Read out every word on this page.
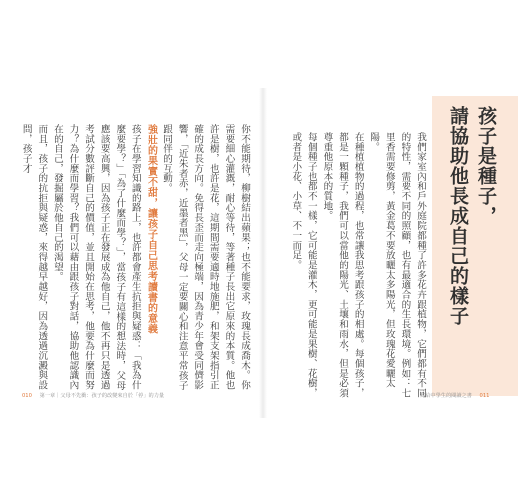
你不能期待，柳樹結出蘋果；也不能要求，玫瑰長成喬木。你需要細心灌溉，耐心等待，等著種子長出它原來的本質。他也許是樹，也許是花，這期間需要適時地施肥，和架支架指引正確的成長方向。免得長歪而走向極端，因為青少年會受同儕影響，「近朱者赤，近墨者黑」，父母一定要關心和注意平常孩子跟同伴的互動。
強壯的果實不甜，讓孩子自己思考讀書的意義
孩子在學習知識的路上，也許都會產生抗拒與疑惑：「我為什麼要學？」「為了什麼而學？」，當孩子有這樣的想法時，父母應該要高興，因為孩子正在發展成為他自己，他不再只是透過考試分數評斷自己的價值，並且開始在思考，他要為什麼而努力？為什麼而學習？我們可以藉由跟孩子對話，協助他認識內在的自己，發掘屬於他自己的渴望。
而且，孩子的抗拒與疑惑，來得越早越好，因為透過沉澱與設問，孩子才	孩子是種子，
請協助他長成自己的樣子
我們家室內和戶外庭院都種了許多花卉跟植物，它們都有不同的特性，需要不同的照顧，也有最適合的生長環境。例如：七里香需要修剪，黃金葛不要放曬太多陽光，但玫瑰花愛曬太陽。
在種植植物的過程，也常讓我思考跟孩子的相處。每個孩子，都是一顆種子，我們可以當他的陽光、土壤和雨水，但是必須尊重他原本的質地。
每個種子也都不一樣，它可能是灌木，更可能是果樹、花樹，或者是小花、小草、不一而足。
010 第一章｜父母不先衝：孩子的改變來自於「停」的力量	寫給中學生的閱讀之書 011
